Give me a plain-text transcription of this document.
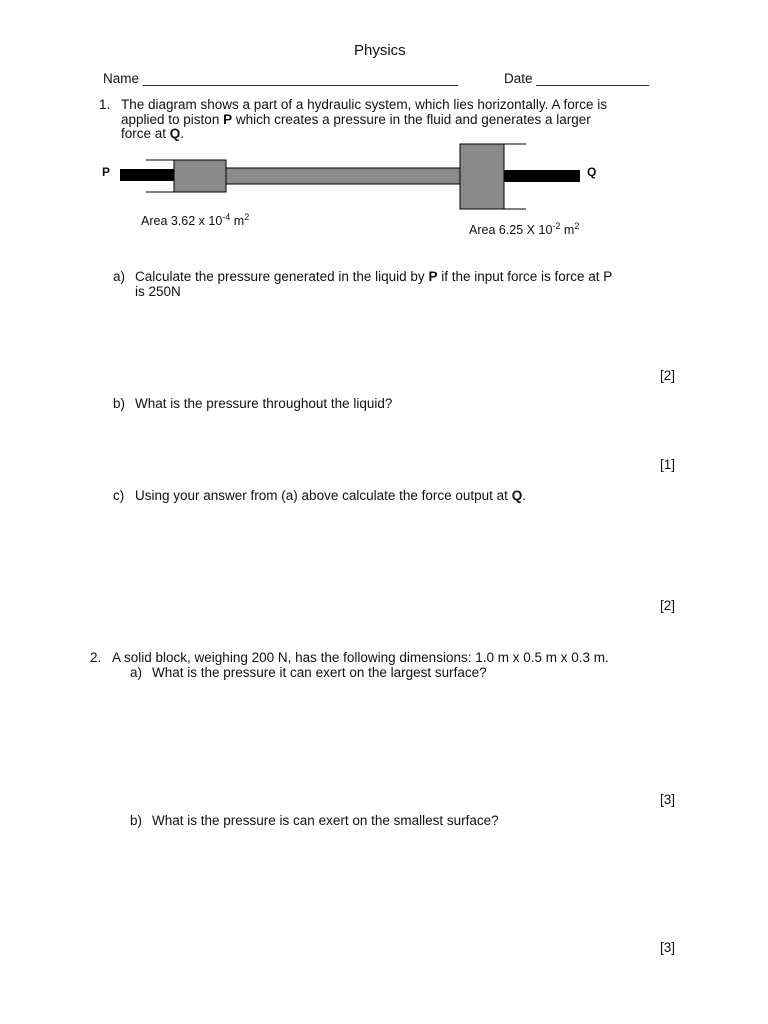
Physics
Name __________________________________________	Date _______________
1. The diagram shows a part of a hydraulic system, which lies horizontally. A force is
applied to piston P which creates a pressure in the fluid and generates a larger
force at Q.
P	Q
Area 3.62 x $10^{-4}$ $m^2$
Area 6.25 X $10^{-2}$ $m^2$
a) Calculate the pressure generated in the liquid by P if the input force is force at P
is 250N
[2]
b) What is the pressure throughout the liquid?
[1]
c) Using your answer from (a) above calculate the force output at Q.
[2]
2. A solid block, weighing 200 N, has the following dimensions: 1.0 m x 0.5 m x 0.3 m.
a) What is the pressure it can exert on the largest surface?
[3]
b) What is the pressure is can exert on the smallest surface?
[3]
